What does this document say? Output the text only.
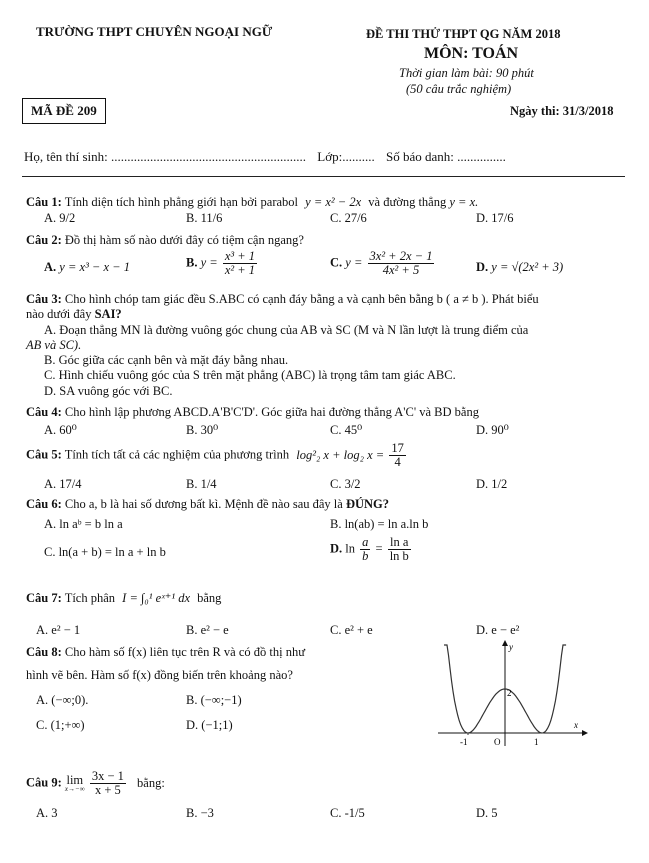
TRƯỜNG THPT CHUYÊN NGOẠI NGỮ	ĐỀ THI THỬ THPT QG NĂM 2018
MÔN: TOÁN
Thời gian làm bài: 90 phút
(50 câu trắc nghiệm)
MÃ ĐỀ 209	Ngày thi: 31/3/2018
Họ, tên thí sinh: ............................................................ Lớp:.......... Số báo danh: ...............
Câu 1: Tính diện tích hình phẳng giới hạn bởi parabol y = x² − 2x và đường thẳng y = x.
A. 9/2	B. 11/6	C. 27/6	D. 17/6
Câu 2: Đồ thị hàm số nào dưới đây có tiệm cận ngang?
A. y = x³ − x − 1	B. $y = \frac{\text{x³ + 1}}{\text{x² + 1}}$	C. $y = \frac{\text{3x² + 2x − 1}}{\text{4x² + 5}}$	D. y = √(2x² + 3)
Câu 3: Cho hình chóp tam giác đều S.ABC có cạnh đáy bằng a và cạnh bên bằng b ( a ≠ b ). Phát biểu
nào dưới đây SAI?
A. Đoạn thẳng MN là đường vuông góc chung của AB và SC (M và N lần lượt là trung điểm của
AB và SC).
B. Góc giữa các cạnh bên và mặt đáy bằng nhau.
C. Hình chiếu vuông góc của S trên mặt phẳng (ABC) là trọng tâm tam giác ABC.
D. SA vuông góc với BC.
Câu 4: Cho hình lập phương ABCD.A'B'C'D'. Góc giữa hai đường thẳng A'C' và BD bằng
A. 60⁰	B. 30⁰	C. 45⁰	D. 90⁰
Câu 5: Tính tích tất cả các nghiệm của phương trình log²₂ x + log₂ $x = \frac{17}{4}$
A. 17/4	B. 1/4	C. 3/2	D. 1/2
Câu 6: Cho a, b là hai số dương bất kì. Mệnh đề nào sau đây là ĐÚNG?
A. ln aᵇ = b ln a	B. ln(ab) = ln a.ln b
C. ln(a + b) = ln a + ln b	D. $\ln \frac{a}{b} = \frac{\text{ln a}}{\text{ln b}}$
Câu 7: Tích phân I = ∫₀¹ eˣ⁺¹ dx bằng
A. e² − 1	B. e² − e	C. e² + e	D. e − e²
Câu 8: Cho hàm số f(x) liên tục trên R và có đồ thị như
hình vẽ bên. Hàm số f(x) đồng biến trên khoảng nào?
A. (−∞;0).	B. (−∞;−1)
C. (1;+∞)	D. (−1;1)	x
y
O
-1	1
2
Câu 9: lim
x→−∞
$\frac{3x - 1}{x + 5}$ bằng:
A. 3	B. −3	C. -1/5	D. 5
